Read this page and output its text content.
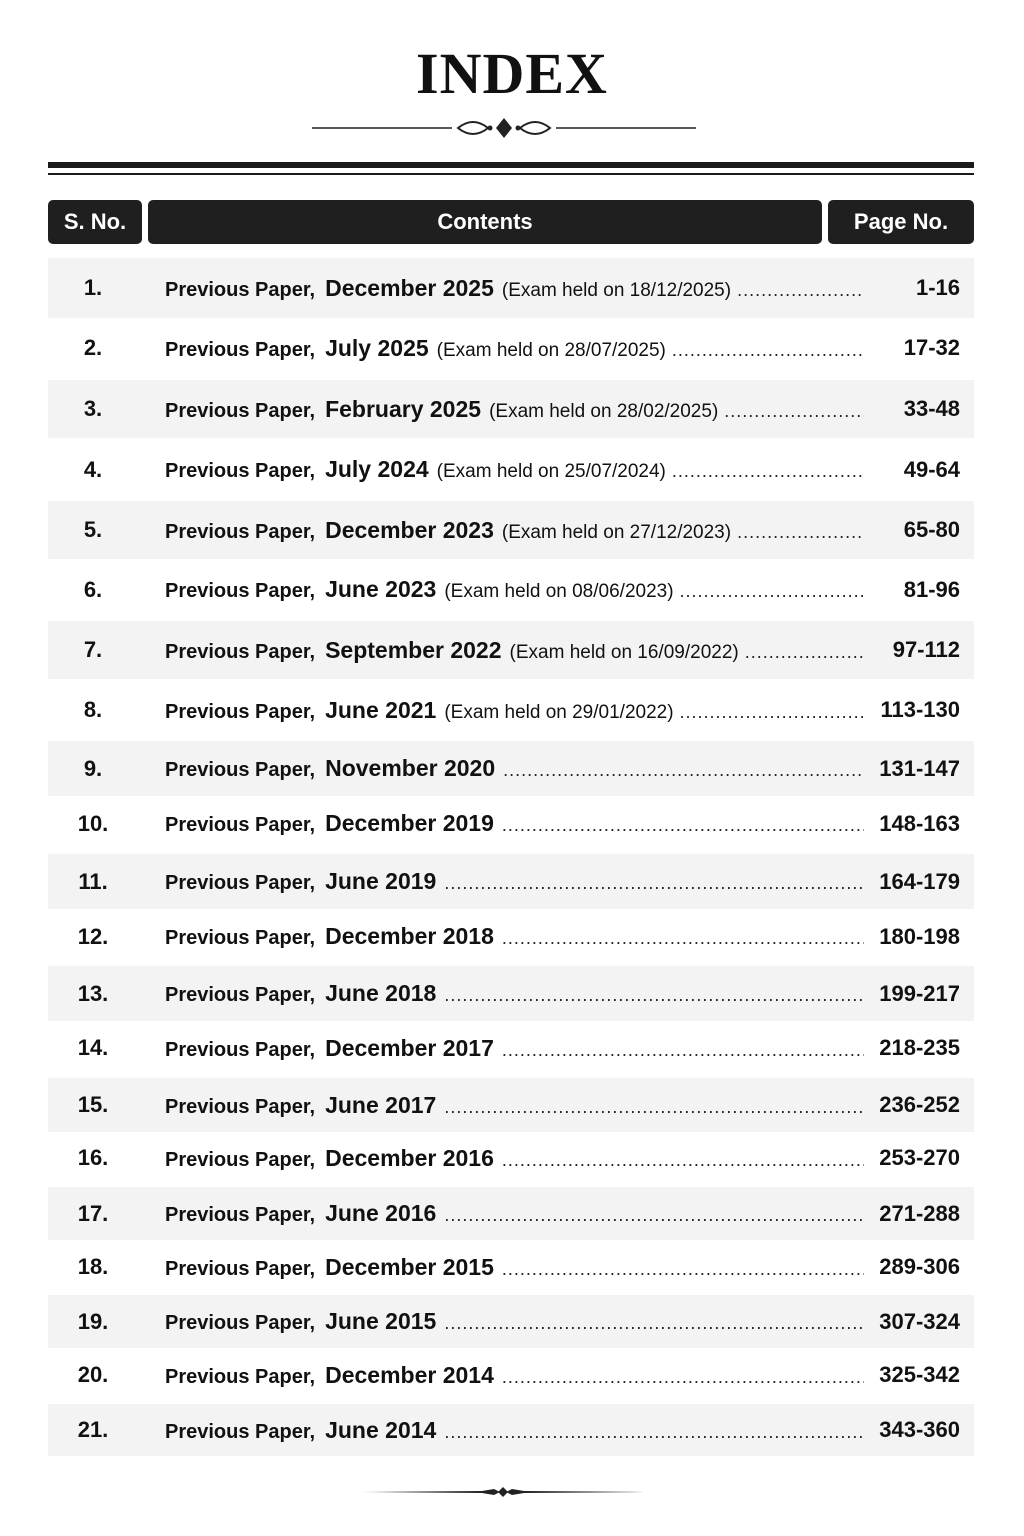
INDEX
S. No.	Contents	Page No.
1.	Previous Paper, December 2025 (Exam held on 18/12/2025) .....	1-16
2.	Previous Paper, July 2025 (Exam held on 28/07/2025) .....	17-32
3.	Previous Paper, February 2025 (Exam held on 28/02/2025) .....	33-48
4.	Previous Paper, July 2024 (Exam held on 25/07/2024) .....	49-64
5.	Previous Paper, December 2023 (Exam held on 27/12/2023) .....	65-80
6.	Previous Paper, June 2023 (Exam held on 08/06/2023) .....	81-96
7.	Previous Paper, September 2022 (Exam held on 16/09/2022) .....	97-112
8.	Previous Paper, June 2021 (Exam held on 29/01/2022) .....	113-130
9.	Previous Paper, November 2020 .....	131-147
10.	Previous Paper, December 2019 .....	148-163
11.	Previous Paper, June 2019 .....	164-179
12.	Previous Paper, December 2018 .....	180-198
13.	Previous Paper, June 2018 .....	199-217
14.	Previous Paper, December 2017 .....	218-235
15.	Previous Paper, June 2017 .....	236-252
16.	Previous Paper, December 2016 .....	253-270
17.	Previous Paper, June 2016 .....	271-288
18.	Previous Paper, December 2015 .....	289-306
19.	Previous Paper, June 2015 .....	307-324
20.	Previous Paper, December 2014 .....	325-342
21.	Previous Paper, June 2014 .....	343-360
